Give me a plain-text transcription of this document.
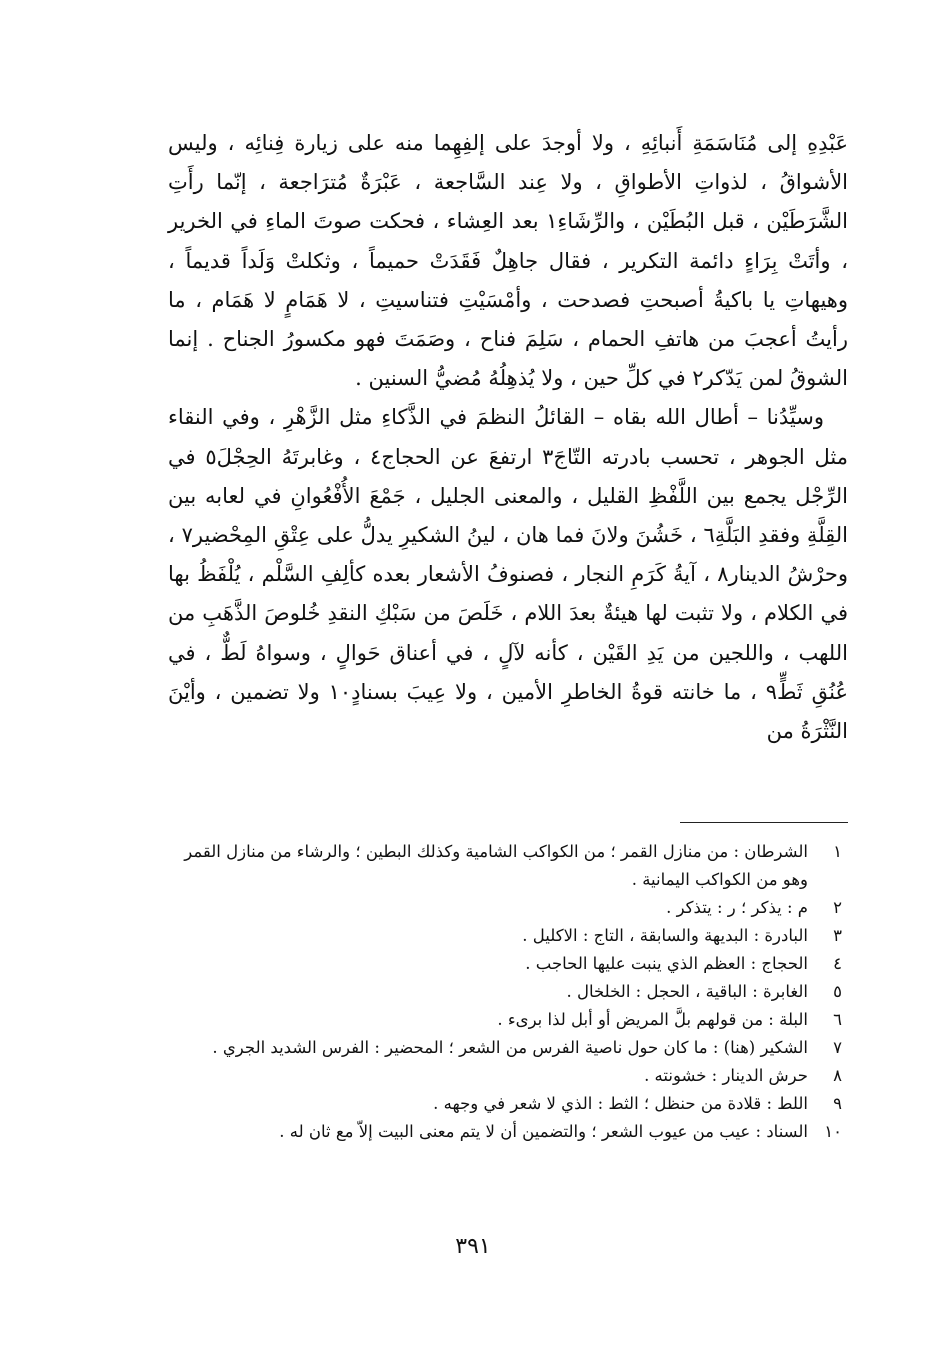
عَبْدِهِ إلى مُنَاسَمَةِ أَنبائِهِ ، ولا أوجدَ على إلفِهِما منه على زيارة فِنائِه ، وليس الأشواقُ ، لذواتِ الأطواقِ ، ولا عِند السَّاجعة ، عَبْرَةٌ مُترَاجعة ، إنّما رأَتِ الشَّرَطَيْن ، قبل البُطَيْن ، والرِّشَاءِ١ بعد العِشاء ، فحكت صوتَ الماءِ في الخرير ، وأتَتْ بِرَاءٍ دائمة التكرير ، فقال جاهِلٌ فَقَدَتْ حميماً ، وثكلتْ وَلَداً قديماً ، وهيهاتِ يا باكيةُ أصبحتِ فصدحت ، وأمْسَيْتِ فتناسيتِ ، لا هَمَامٍ لا هَمَام ، ما رأيتُ أعجبَ من هاتفِ الحمام ، سَلِمَ فناح ، وصَمَتَ فهو مكسورُ الجناح . إنما الشوقُ لمن يَدّكر٢ في كلِّ حين ، ولا يُذهِلُهُ مُضيُّ السنين .

وسيِّدُنا – أطال الله بقاه – القائلُ النظمَ في الذَّكاءِ مثل الزَّهْرِ ، وفي النقاء مثل الجوهر ، تحسب بادرته التّاجَ٣ ارتفعَ عن الحجاج٤ ، وغابرتَهُ الحِجْلَ٥ في الرِّجْل يجمع بين اللَّفْظِ القليل ، والمعنى الجليل ، جَمْعَ الأُفْعُوانِ في لعابه بين القِلَّةِ وفقدِ البَلَّةِ٦ ، خَشُنَ ولانَ فما هان ، لينُ الشكيرِ يدلُّ على عِتْقِ المِحْضير٧ ، وحرْشُ الدينار٨ ، آيةُ كَرَمِ النجار ، فصنوفُ الأشعار بعده كألِفِ السَّلْم ، يُلْفَظُ بها في الكلام ، ولا تثبت لها هيئةٌ بعدَ اللام ، خَلَصَ من سَبْكِ النقدِ خُلوصَ الذَّهَبِ من اللهب ، واللجين من يَدِ القَيْن ، كأنه لآلٍ ، في أعناق حَوالٍ ، وسواهُ لَطٌّ ، في عُنُقِ ثَطٍّ٩ ، ما خانته قوةُ الخاطرِ الأمين ، ولا عِيبَ بسنادٍ١٠ ولا تضمين ، وأيْنَ النَّثْرَةُ من

١
الشرطان : من منازل القمر ؛ من الكواكب الشامية وكذلك البطين ؛ والرشاء من منازل القمر وهو من الكواكب اليمانية .
٢
م : يذكر ؛ ر : يتذكر .
٣
البادرة : البديهة والسابقة ، التاج : الاكليل .
٤
الحجاج : العظم الذي ينبت عليها الحاجب .
٥
الغابرة : الباقية ، الحجل : الخلخال .
٦
البلة : من قولهم بلَّ المريض أو أبل لذا برىء .
٧
الشكير (هنا) : ما كان حول ناصية الفرس من الشعر ؛ المحضير : الفرس الشديد الجري .
٨
حرش الدينار : خشونته .
٩
اللط : قلادة من حنظل ؛ الثط : الذي لا شعر في وجهه .
١٠
السناد : عيب من عيوب الشعر ؛ والتضمين أن لا يتم معنى البيت إلاّ مع ثان له .
٣٩١
